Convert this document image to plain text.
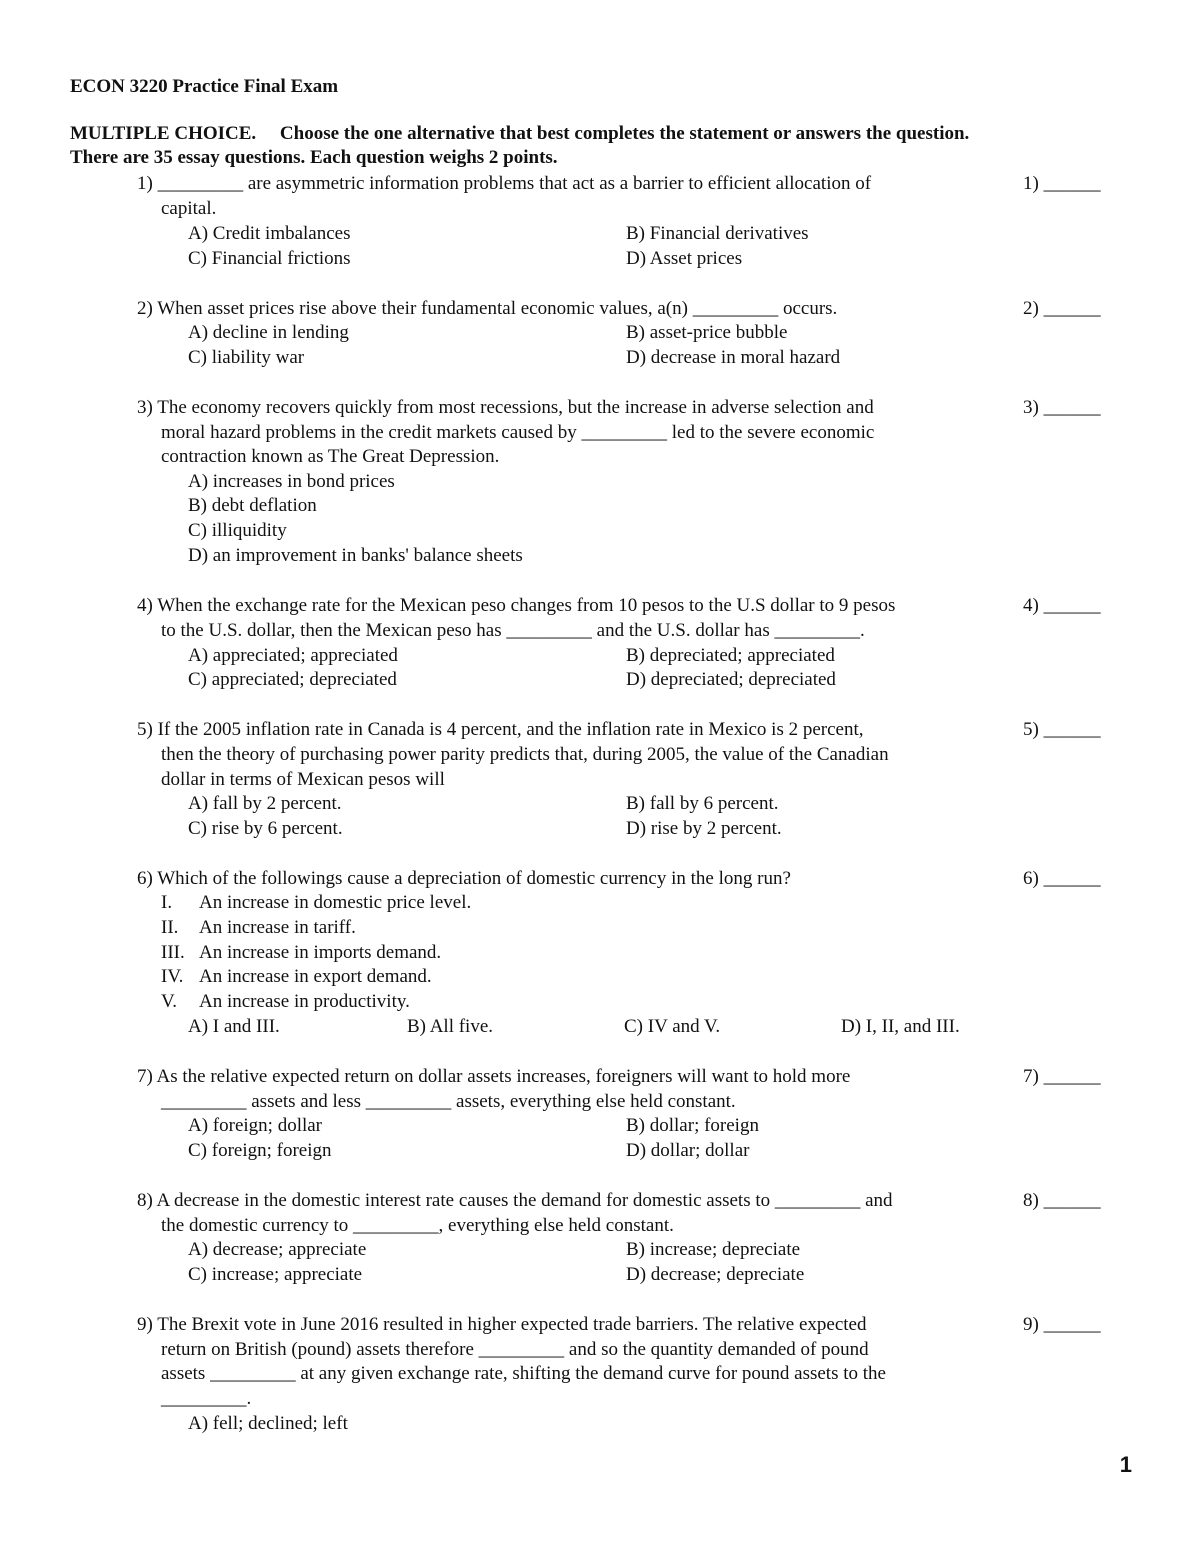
ECON 3220 Practice Final Exam
MULTIPLE CHOICE. Choose the one alternative that best completes the statement or answers the question.
There are 35 essay questions. Each question weighs 2 points.
1) _________ are asymmetric information problems that act as a barrier to efficient allocation of
capital.
A) Credit imbalances	B) Financial derivatives
C) Financial frictions	D) Asset prices
1) ______
2) When asset prices rise above their fundamental economic values, a(n) _________ occurs.
A) decline in lending	B) asset-price bubble
C) liability war	D) decrease in moral hazard
2) ______
3) The economy recovers quickly from most recessions, but the increase in adverse selection and
moral hazard problems in the credit markets caused by _________ led to the severe economic
contraction known as The Great Depression.
A) increases in bond prices
B) debt deflation
C) illiquidity
D) an improvement in banks' balance sheets
3) ______
4) When the exchange rate for the Mexican peso changes from 10 pesos to the U.S dollar to 9 pesos
to the U.S. dollar, then the Mexican peso has _________ and the U.S. dollar has _________.
A) appreciated; appreciated	B) depreciated; appreciated
C) appreciated; depreciated	D) depreciated; depreciated
4) ______
5) If the 2005 inflation rate in Canada is 4 percent, and the inflation rate in Mexico is 2 percent,
then the theory of purchasing power parity predicts that, during 2005, the value of the Canadian
dollar in terms of Mexican pesos will
A) fall by 2 percent.	B) fall by 6 percent.
C) rise by 6 percent.	D) rise by 2 percent.
5) ______
6) Which of the followings cause a depreciation of domestic currency in the long run?
I. An increase in domestic price level.
II. An increase in tariff.
III. An increase in imports demand.
IV. An increase in export demand.
V. An increase in productivity.
A) I and III.	B) All five.	C) IV and V.	D) I, II, and III.
6) ______
7) As the relative expected return on dollar assets increases, foreigners will want to hold more
_________ assets and less _________ assets, everything else held constant.
A) foreign; dollar	B) dollar; foreign
C) foreign; foreign	D) dollar; dollar
7) ______
8) A decrease in the domestic interest rate causes the demand for domestic assets to _________ and
the domestic currency to _________, everything else held constant.
A) decrease; appreciate	B) increase; depreciate
C) increase; appreciate	D) decrease; depreciate
8) ______
9) The Brexit vote in June 2016 resulted in higher expected trade barriers. The relative expected
return on British (pound) assets therefore _________ and so the quantity demanded of pound
assets _________ at any given exchange rate, shifting the demand curve for pound assets to the
_________.
A) fell; declined; left
9) ______
1
